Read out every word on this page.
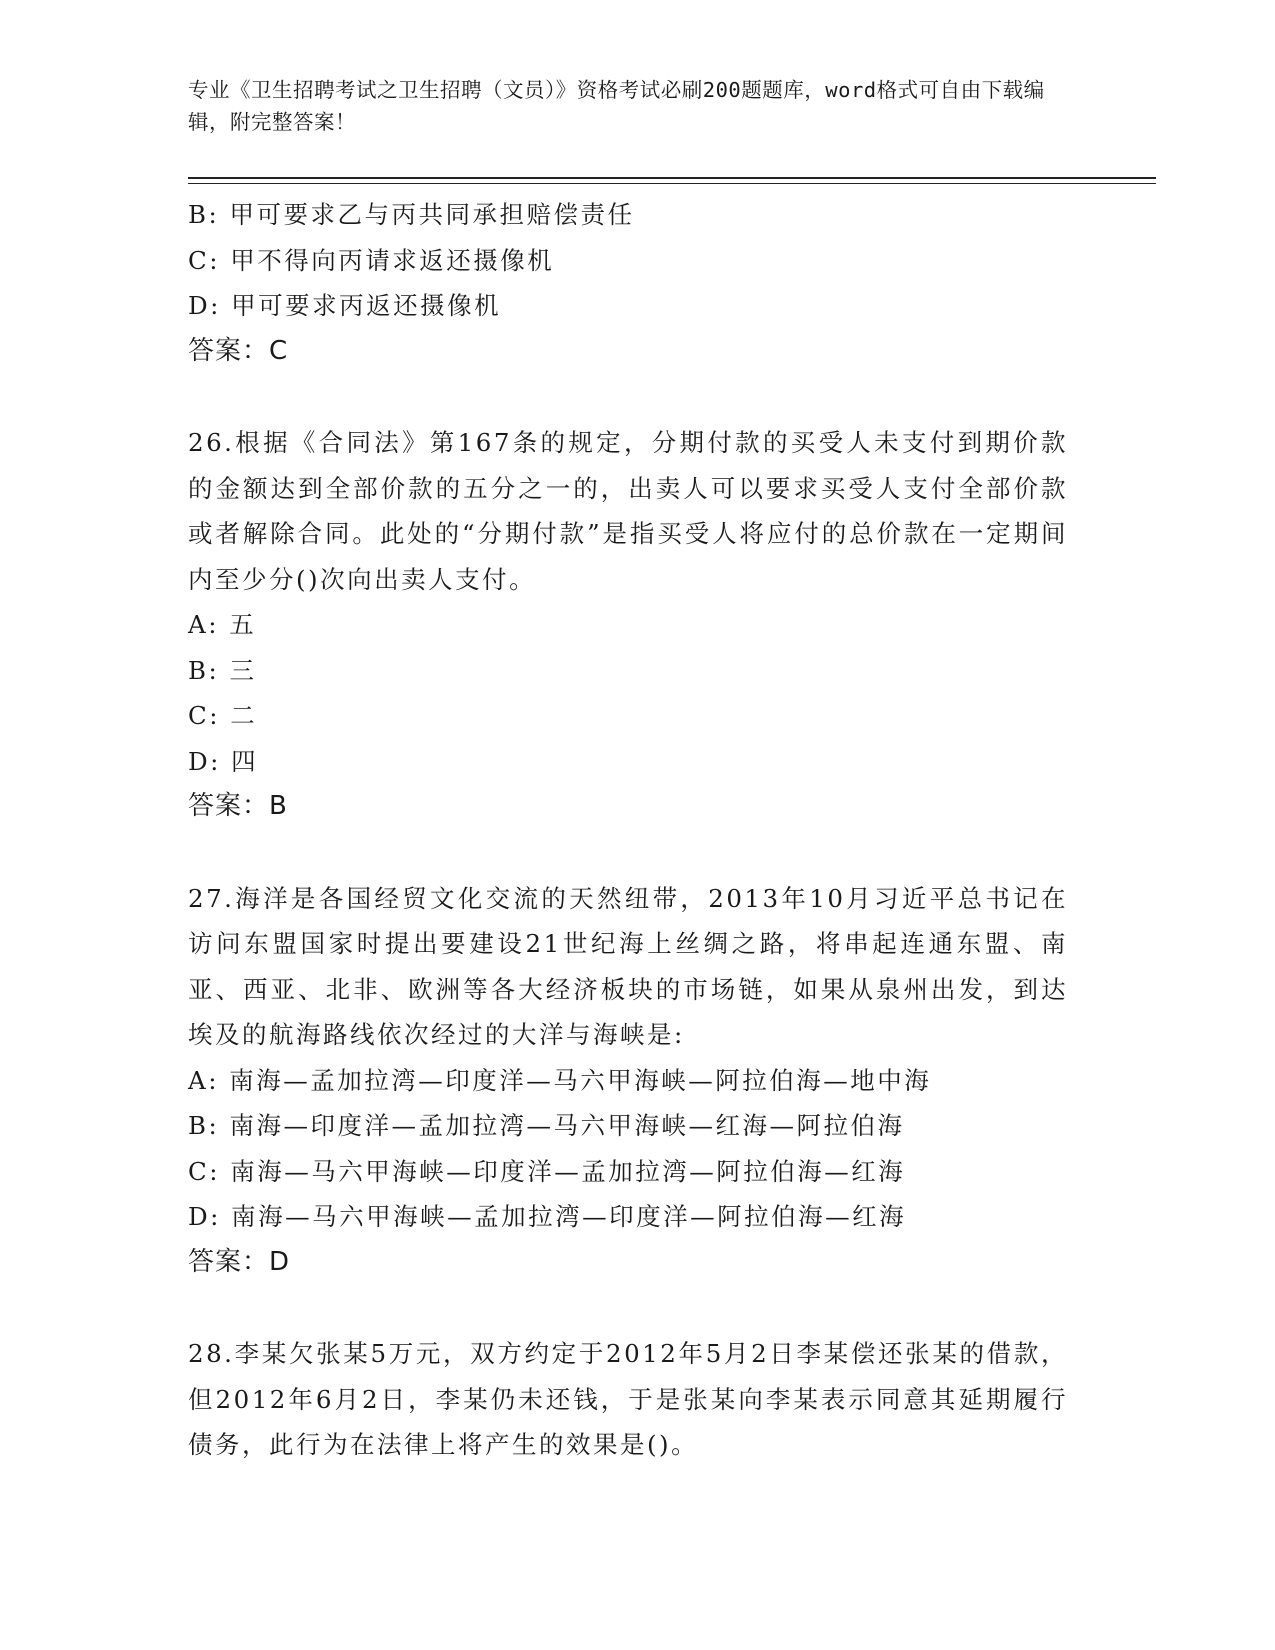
专业《卫生招聘考试之卫生招聘（文员）》资格考试必刷200题题库，word格式可自由下载编辑，附完整答案！
B: 甲可要求乙与丙共同承担赔偿责任
C: 甲不得向丙请求返还摄像机
D: 甲可要求丙返还摄像机
答案：C
26.根据《合同法》第167条的规定，分期付款的买受人未支付到期价款的金额达到全部价款的五分之一的，出卖人可以要求买受人支付全部价款或者解除合同。此处的“分期付款”是指买受人将应付的总价款在一定期间内至少分()次向出卖人支付。
A: 五
B: 三
C: 二
D: 四
答案：B
27.海洋是各国经贸文化交流的天然纽带，2013年10月习近平总书记在访问东盟国家时提出要建设21世纪海上丝绸之路，将串起连通东盟、南亚、西亚、北非、欧洲等各大经济板块的市场链，如果从泉州出发，到达埃及的航海路线依次经过的大洋与海峡是:
A: 南海—孟加拉湾—印度洋—马六甲海峡—阿拉伯海—地中海
B: 南海—印度洋—孟加拉湾—马六甲海峡—红海—阿拉伯海
C: 南海—马六甲海峡—印度洋—孟加拉湾—阿拉伯海—红海
D: 南海—马六甲海峡—孟加拉湾—印度洋—阿拉伯海—红海
答案：D
28.李某欠张某5万元，双方约定于2012年5月2日李某偿还张某的借款，但2012年6月2日，李某仍未还钱，于是张某向李某表示同意其延期履行债务，此行为在法律上将产生的效果是()。
